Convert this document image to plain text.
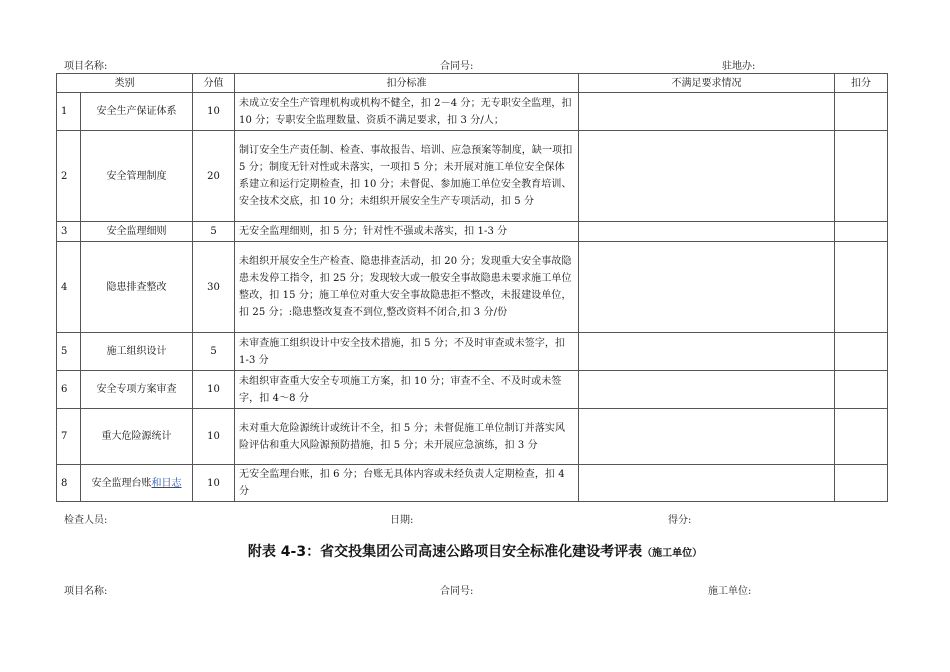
项目名称:	合同号:	驻地办:
类别		分值	扣分标准	不满足要求情况	扣分
1	安全生产保证体系	10	未成立安全生产管理机构或机构不健全，扣 2－4 分；无专职安全监理，扣 10 分；专职安全监理数量、资质不满足要求，扣 3 分/人；		
2	安全管理制度	20	制订安全生产责任制、检查、事故报告、培训、应急预案等制度，缺一项扣 5 分；制度无针对性或未落实，一项扣 5 分；未开展对施工单位安全保体系建立和运行定期检查，扣 10 分；未督促、参加施工单位安全教育培训、安全技术交底，扣 10 分；未组织开展安全生产专项活动，扣 5 分		
3	安全监理细则	5	无安全监理细则，扣 5 分；针对性不强或未落实，扣 1-3 分		
4	隐患排查整改	30	未组织开展安全生产检查、隐患排查活动，扣 20 分；发现重大安全事故隐患未发停工指令，扣 25 分；发现较大或一般安全事故隐患未要求施工单位整改，扣 15 分；施工单位对重大安全事故隐患拒不整改，未报建设单位，扣 25 分；:隐患整改复查不到位,整改资料不闭合,扣 3 分/份		
5	施工组织设计	5	未审查施工组织设计中安全技术措施，扣 5 分；不及时审查或未签字，扣 1-3 分		
6	安全专项方案审查	10	未组织审查重大安全专项施工方案，扣 10 分；审查不全、不及时或未签字，扣 4～8 分		
7	重大危险源统计	10	未对重大危险源统计或统计不全，扣 5 分；未督促施工单位制订并落实风险评估和重大风险源预防措施，扣 5 分；未开展应急演练，扣 3 分		
8	安全监理台账和日志	10	无安全监理台账，扣 6 分；台账无具体内容或未经负责人定期检查，扣 4 分		
检查人员:	日期:	得分:
附表 4-3：省交投集团公司高速公路项目安全标准化建设考评表（施工单位）
项目名称:	合同号:	施工单位:
